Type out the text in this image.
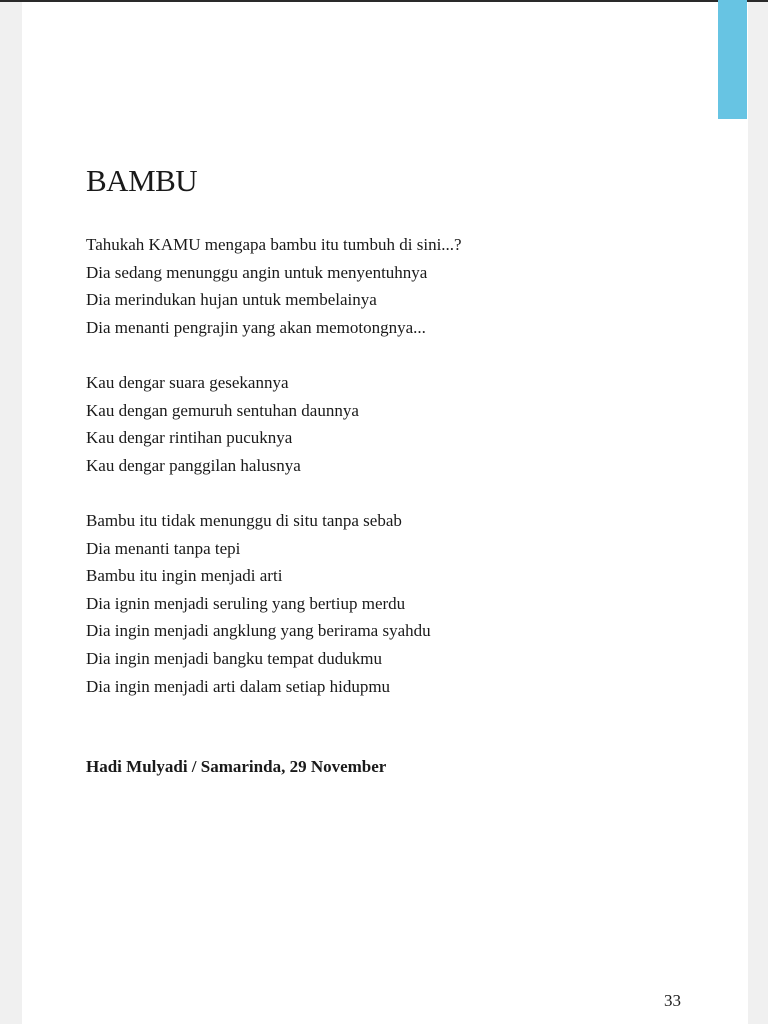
BAMBU

Tahukah KAMU mengapa bambu itu tumbuh di sini...?
Dia sedang menunggu angin untuk menyentuhnya
Dia merindukan hujan untuk membelainya
Dia menanti pengrajin yang akan memotongnya...

Kau dengar suara gesekannya
Kau dengan gemuruh sentuhan daunnya
Kau dengar rintihan pucuknya
Kau dengar panggilan halusnya

Bambu itu tidak menunggu di situ tanpa sebab
Dia menanti tanpa tepi
Bambu itu ingin menjadi arti
Dia ignin menjadi seruling yang bertiup merdu
Dia ingin menjadi angklung yang berirama syahdu
Dia ingin menjadi bangku tempat dudukmu
Dia ingin menjadi arti dalam setiap hidupmu

Hadi Mulyadi / Samarinda, 29 November

33
